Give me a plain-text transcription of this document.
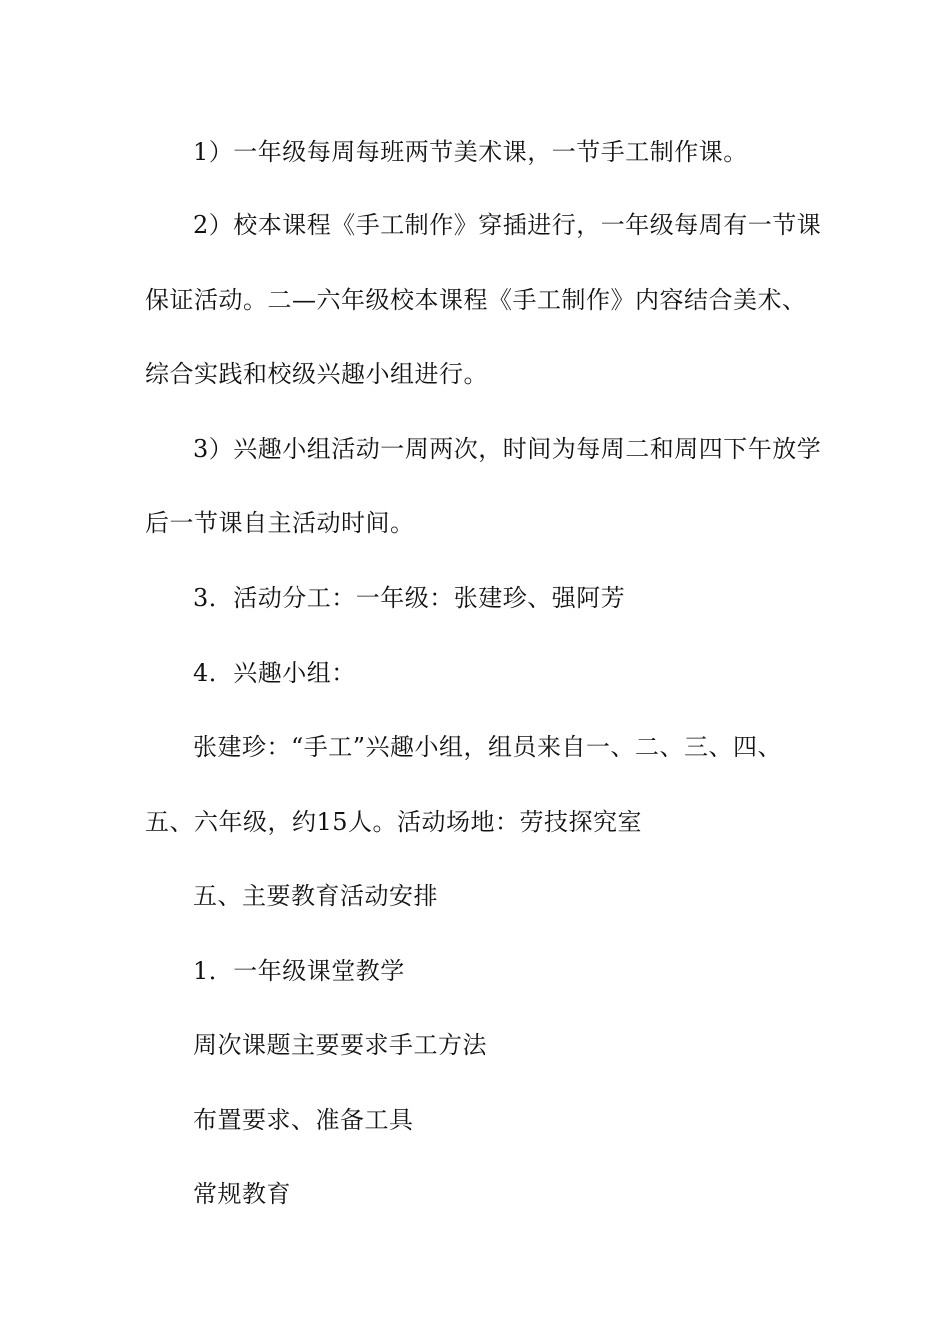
1）一年级每周每班两节美术课，一节手工制作课。
2）校本课程《手工制作》穿插进行，一年级每周有一节课
保证活动。二—六年级校本课程《手工制作》内容结合美术、
综合实践和校级兴趣小组进行。
3）兴趣小组活动一周两次，时间为每周二和周四下午放学
后一节课自主活动时间。
3．活动分工：一年级：张建珍、强阿芳
4．兴趣小组：
张建珍：“手工”兴趣小组，组员来自一、二、三、四、
五、六年级，约15人。活动场地：劳技探究室
五、主要教育活动安排
1．一年级课堂教学
周次课题主要要求手工方法
布置要求、准备工具
常规教育
